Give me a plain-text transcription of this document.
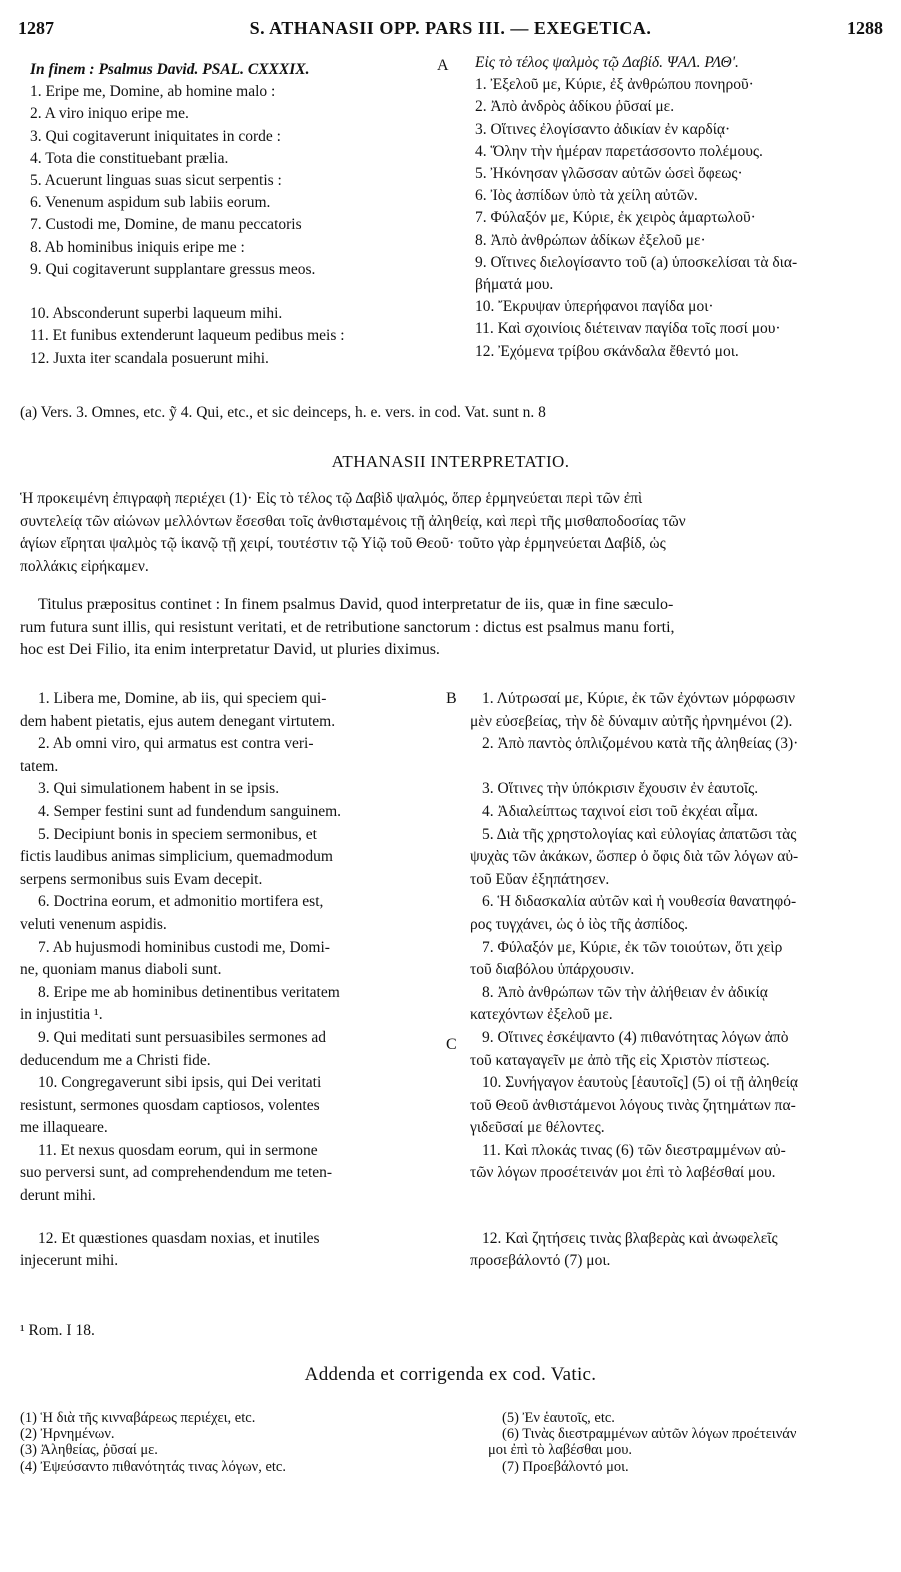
1287	S. ATHANASII OPP. PARS III. — EXEGETICA.	1288
A
B
C
In finem : Psalmus David. PSAL. CXXXIX.
1. Eripe me, Domine, ab homine malo :
2. A viro iniquo eripe me.
3. Qui cogitaverunt iniquitates in corde :
4. Tota die constituebant prælia.
5. Acuerunt linguas suas sicut serpentis :
6. Venenum aspidum sub labiis eorum.
7. Custodi me, Domine, de manu peccatoris
8. Ab hominibus iniquis eripe me :
9. Qui cogitaverunt supplantare gressus meos.

10. Absconderunt superbi laqueum mihi.
11. Et funibus extenderunt laqueum pedibus meis :
12. Juxta iter scandala posuerunt mihi.
Εἰς τὸ τέλος ψαλμὸς τῷ Δαβίδ. ΨΑΛ. ΡΛΘ'.
1. Ἐξελοῦ με, Κύριε, ἐξ ἀνθρώπου πονηροῦ·
2. Ἀπὸ ἀνδρὸς ἀδίκου ῥῦσαί με.
3. Οἵτινες ἐλογίσαντο ἀδικίαν ἐν καρδίᾳ·
4. Ὅλην τὴν ἡμέραν παρετάσσοντο πολέμους.
5. Ἠκόνησαν γλῶσσαν αὐτῶν ὡσεὶ ὄφεως·
6. Ἰὸς ἀσπίδων ὑπὸ τὰ χείλη αὐτῶν.
7. Φύλαξόν με, Κύριε, ἐκ χειρὸς ἁμαρτωλοῦ·
8. Ἀπὸ ἀνθρώπων ἀδίκων ἐξελοῦ με·
9. Οἵτινες διελογίσαντο τοῦ (a) ὑποσκελίσαι τὰ δια-
βήματά μου.
10. Ἔκρυψαν ὑπερήφανοι παγίδα μοι·
11. Καὶ σχοινίοις διέτειναν παγίδα τοῖς ποσί μου·
12. Ἐχόμενα τρίβου σκάνδαλα ἔθεντό μοι.
(a) Vers. 3. Omnes, etc. ỹ 4. Qui, etc., et sic deinceps, h. e. vers. in cod. Vat. sunt n. 8
ATHANASII INTERPRETATIO.
Ἡ προκειμένη ἐπιγραφὴ περιέχει (1)· Εἰς τὸ τέλος τῷ Δαβὶδ ψαλμός, ὅπερ ἑρμηνεύεται περὶ τῶν ἐπὶ
συντελείᾳ τῶν αἰώνων μελλόντων ἔσεσθαι τοῖς ἀνθισταμένοις τῇ ἀληθείᾳ, καὶ περὶ τῆς μισθαποδοσίας τῶν
ἁγίων εἴρηται ψαλμὸς τῷ ἱκανῷ τῇ χειρί, τουτέστιν τῷ Υἱῷ τοῦ Θεοῦ· τοῦτο γὰρ ἑρμηνεύεται Δαβίδ, ὡς
πολλάκις εἰρήκαμεν.
Titulus præpositus continet : In finem psalmus David, quod interpretatur de iis, quæ in fine sæculo-
rum futura sunt illis, qui resistunt veritati, et de retributione sanctorum : dictus est psalmus manu forti,
hoc est Dei Filio, ita enim interpretatur David, ut pluries diximus.
1. Libera me, Domine, ab iis, qui speciem qui-
dem habent pietatis, ejus autem denegant virtutem.
2. Ab omni viro, qui armatus est contra veri-
tatem.
3. Qui simulationem habent in se ipsis.
4. Semper festini sunt ad fundendum sanguinem.
5. Decipiunt bonis in speciem sermonibus, et
fictis laudibus animas simplicium, quemadmodum
serpens sermonibus suis Evam decepit.
6. Doctrina eorum, et admonitio mortifera est,
veluti venenum aspidis.
7. Ab hujusmodi hominibus custodi me, Domi-
ne, quoniam manus diaboli sunt.
8. Eripe me ab hominibus detinentibus veritatem
in injustitia ¹.
9. Qui meditati sunt persuasibiles sermones ad
deducendum me a Christi fide.
10. Congregaverunt sibi ipsis, qui Dei veritati
resistunt, sermones quosdam captiosos, volentes
me illaqueare.
11. Et nexus quosdam eorum, qui in sermone
suo perversi sunt, ad comprehendendum me teten-
derunt mihi.
12. Et quæstiones quasdam noxias, et inutiles
injecerunt mihi.
1. Λύτρωσαί με, Κύριε, ἐκ τῶν ἐχόντων μόρφωσιν
μὲν εὐσεβείας, τὴν δὲ δύναμιν αὐτῆς ἠρνημένοι (2).
2. Ἀπὸ παντὸς ὁπλιζομένου κατὰ τῆς ἀληθείας (3)·

3. Οἵτινες τὴν ὑπόκρισιν ἔχουσιν ἐν ἑαυτοῖς.
4. Ἀδιαλείπτως ταχινοί εἰσι τοῦ ἐκχέαι αἷμα.
5. Διὰ τῆς χρηστολογίας καὶ εὐλογίας ἀπατῶσι τὰς
ψυχὰς τῶν ἀκάκων, ὥσπερ ὁ ὄφις διὰ τῶν λόγων αὐ-
τοῦ Εὔαν ἐξηπάτησεν.
6. Ἡ διδασκαλία αὐτῶν καὶ ἡ νουθεσία θανατηφό-
ρος τυγχάνει, ὡς ὁ ἰὸς τῆς ἀσπίδος.
7. Φύλαξόν με, Κύριε, ἐκ τῶν τοιούτων, ὅτι χεὶρ
τοῦ διαβόλου ὑπάρχουσιν.
8. Ἀπὸ ἀνθρώπων τῶν τὴν ἀλήθειαν ἐν ἀδικίᾳ
κατεχόντων ἐξελοῦ με.
9. Οἵτινες ἐσκέψαντο (4) πιθανότητας λόγων ἀπὸ
τοῦ καταγαγεῖν με ἀπὸ τῆς εἰς Χριστὸν πίστεως.
10. Συνήγαγον ἑαυτοὺς [ἑαυτοῖς] (5) οἱ τῇ ἀληθείᾳ
τοῦ Θεοῦ ἀνθιστάμενοι λόγους τινὰς ζητημάτων πα-
γιδεῦσαί με θέλοντες.
11. Καὶ πλοκάς τινας (6) τῶν διεστραμμένων αὐ-
τῶν λόγων προσέτεινάν μοι ἐπὶ τὸ λαβέσθαί μου.

12. Καὶ ζητήσεις τινὰς βλαβερὰς καὶ ἀνωφελεῖς
προσεβάλοντό (7) μοι.
¹ Rom. I 18.
Addenda et corrigenda ex cod. Vatic.
(1) Ἡ διὰ τῆς κινναβάρεως περιέχει, etc.
(2) Ἠρνημένων.
(3) Ἀληθείας, ῥῦσαί με.
(4) Ἐψεύσαντο πιθανότητάς τινας λόγων, etc.
(5) Ἐν ἑαυτοῖς, etc.
(6) Τινὰς διεστραμμένων αὐτῶν λόγων προέτεινάν
μοι ἐπὶ τὸ λαβέσθαι μου.
(7) Προεβάλοντό μοι.
